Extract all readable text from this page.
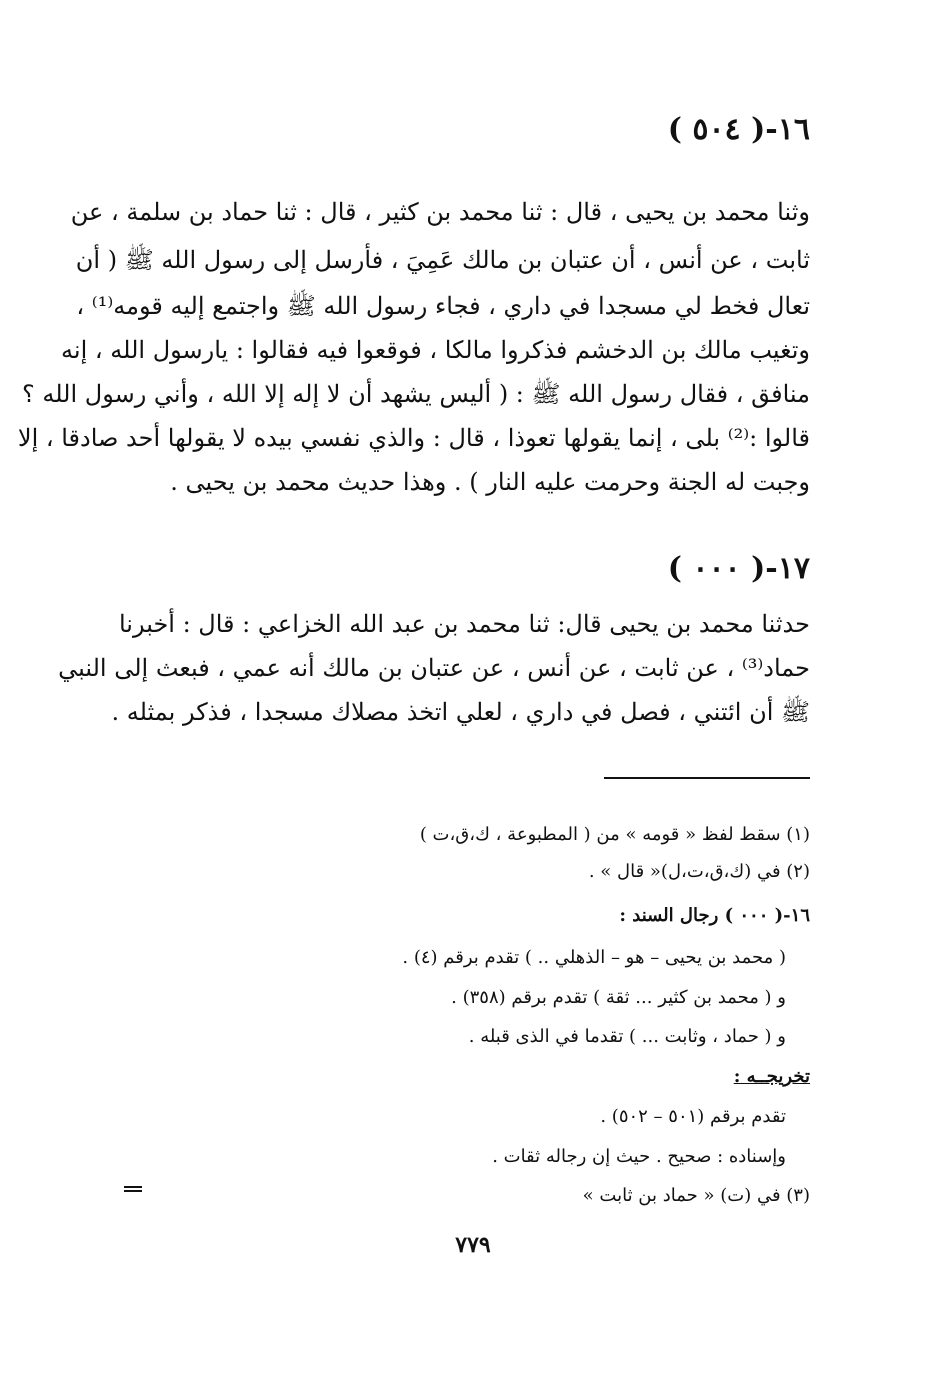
١٦-( ٥٠٤ )
وثنا محمد بن يحيى ، قال : ثنا محمد بن كثير ، قال : ثنا حماد بن سلمة ، عن
ثابت ، عن أنس ، أن عتبان بن مالك عَمِيَ ، فأرسل إلى رسول الله ﷺ ( أن
تعال فخط لي مسجدا في داري ، فجاء رسول الله ﷺ واجتمع إليه قومه⁽¹⁾ ،
وتغيب مالك بن الدخشم فذكروا مالكا ، فوقعوا فيه فقالوا : يارسول الله ، إنه
منافق ، فقال رسول الله ﷺ : ( أليس يشهد أن لا إله إلا الله ، وأني رسول الله ؟
قالوا :⁽²⁾ بلى ، إنما يقولها تعوذا ، قال : والذي نفسي بيده لا يقولها أحد صادقا ، إلا
وجبت له الجنة وحرمت عليه النار ) . وهذا حديث محمد بن يحيى .
١٧-( ٠٠٠ )
حدثنا محمد بن يحيى قال: ثنا محمد بن عبد الله الخزاعي : قال : أخبرنا
حماد⁽³⁾ ، عن ثابت ، عن أنس ، عن عتبان بن مالك أنه عمي ، فبعث إلى النبي
ﷺ أن ائتني ، فصل في داري ، لعلي اتخذ مصلاك مسجدا ، فذكر بمثله .
(١) سقط لفظ « قومه » من ( المطبوعة ، ك،ق،ت )
(٢) في (ك،ق،ت،ل)« قال » .
١٦-( ٠٠٠ ) رجال السند :
( محمد بن يحيى – هو – الذهلي .. ) تقدم برقم (٤) .
و ( محمد بن كثير ... ثقة ) تقدم برقم (٣٥٨) .
و ( حماد ، وثابت ... ) تقدما في الذى قبله .
تخريجــه :
تقدم برقم (٥٠١ – ٥٠٢) .
وإسناده : صحيح . حيث إن رجاله ثقات .
(٣) في (ت) « حماد بن ثابت »
٧٧٩
